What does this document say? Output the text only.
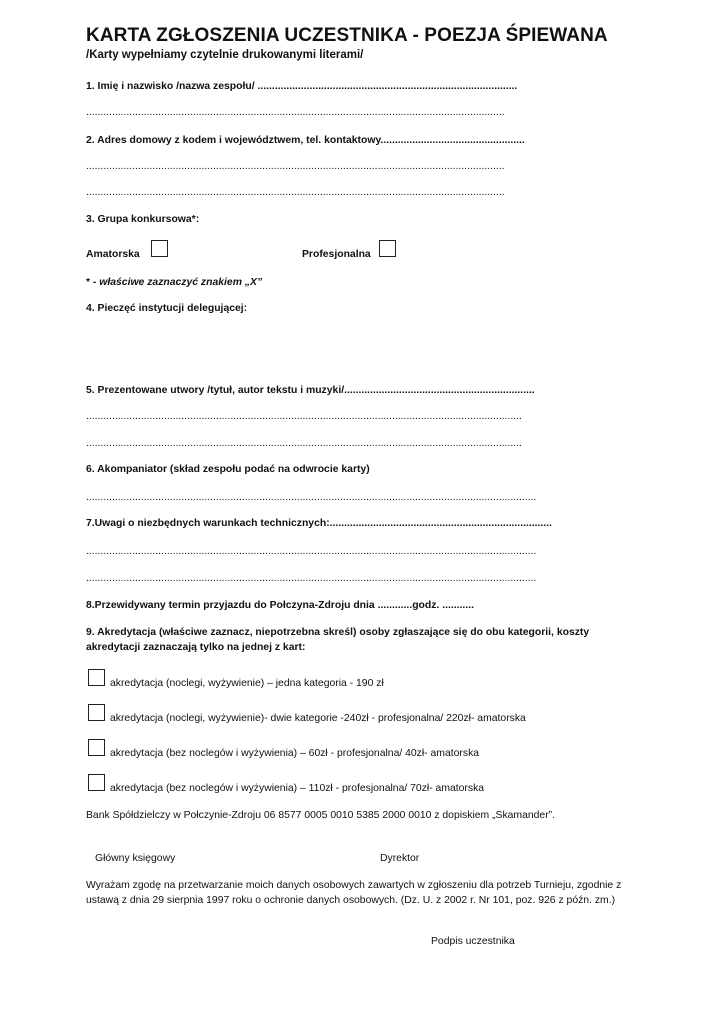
KARTA ZGŁOSZENIA UCZESTNIKA - POEZJA ŚPIEWANA
/Karty wypełniamy czytelnie drukowanymi literami/
1. Imię i nazwisko /nazwa zespołu/ ..........................................................................................
.................................................................................................................................................
2. Adres domowy z kodem i województwem, tel. kontaktowy..................................................
.................................................................................................................................................
.................................................................................................................................................
3. Grupa konkursowa*:
Amatorska	Profesjonalna
* - właściwe zaznaczyć znakiem „X”
4. Pieczęć instytucji delegującej:
5. Prezentowane utwory /tytuł, autor tekstu i muzyki/..................................................................
.......................................................................................................................................................
.......................................................................................................................................................
6. Akompaniator (skład zespołu podać na odwrocie karty)
............................................................................................................................................................
7.Uwagi o niezbędnych warunkach technicznych:.............................................................................
............................................................................................................................................................
............................................................................................................................................................
8.Przewidywany termin przyjazdu do Połczyna-Zdroju dnia ............godz. ...........
9. Akredytacja (właściwe zaznacz, niepotrzebna skreśl) osoby zgłaszające się do obu kategorii, koszty
akredytacji zaznaczają tylko na jednej z kart:
akredytacja (noclegi, wyżywienie) – jedna kategoria - 190 zł
akredytacja (noclegi, wyżywienie)- dwie kategorie -240zł - profesjonalna/ 220zł- amatorska
akredytacja (bez noclegów i wyżywienia) – 60zł - profesjonalna/ 40zł- amatorska
akredytacja (bez noclegów i wyżywienia) – 110zł - profesjonalna/ 70zł- amatorska
Bank Spółdzielczy w Połczynie-Zdroju 06 8577 0005 0010 5385 2000 0010 z dopiskiem „Skamander”.
Główny księgowy	Dyrektor
Wyrażam zgodę na przetwarzanie moich danych osobowych zawartych w zgłoszeniu dla potrzeb Turnieju, zgodnie z ustawą z dnia 29 sierpnia 1997 roku o ochronie danych osobowych. (Dz. U. z 2002 r. Nr 101, poz. 926 z późn. zm.)
Podpis uczestnika
